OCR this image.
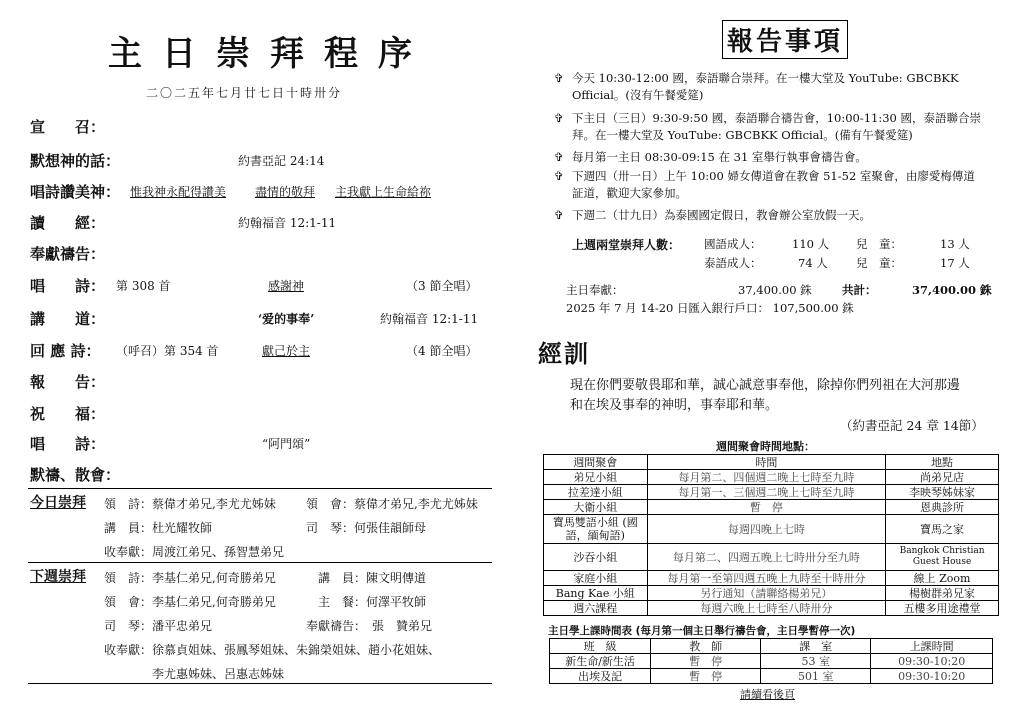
主日崇拜程序
二〇二五年七月廿七日十時卅分
宣　　召：
默想神的話：	約書亞記 24:14
唱詩讚美神： 惟我神永配得讚美 盡情的敬拜 主我獻上生命給祢
讀　　經：	約翰福音 12:1-11
奉獻禱告：
唱　　詩： 第 308 首	感謝神	（3 節全唱）
講　　道：	‘爱的事奉’	約翰福音 12:1-11
回 應 詩： （呼召）第 354 首	獻己於主	（4 節全唱）
報　　告：
祝　　福：
唱　　詩：	“阿門頌”
默禱、散會：
今日崇拜 領　詩： 蔡偉才弟兄,李尤尤姊妹	領　會： 蔡偉才弟兄,李尤尤姊妹
講　員： 杜光耀牧師	司　琴： 何張佳韻師母
收奉獻： 周渡江弟兄、孫智慧弟兄
下週崇拜 領　詩： 李基仁弟兄,何奇勝弟兄	講　員： 陳文明傳道
領　會： 李基仁弟兄,何奇勝弟兄	主　餐： 何澤平牧師
司　琴： 潘平忠弟兄	奉獻禱告： 張　贊弟兄
收奉獻： 徐慕貞姐妹、張鳳琴姐妹、朱錦榮姐妹、趙小花姐妹、
李尤惠姊妹、呂惠志姊妹
報告事項
✞ 今天 10:30-12:00 國，泰語聯合崇拜。在一樓大堂及 YouTube: GBCBKK
Official。(沒有午餐愛筵)
✞ 下主日（三日）9:30-9:50 國，泰語聯合禱告會，10:00-11:30 國，泰語聯合崇
拜。在一樓大堂及 YouTube: GBCBKK Official。(備有午餐愛筵)
✞ 每月第一主日 08:30-09:15 在 31 室舉行執事會禱告會。
✞ 下週四（卅一日）上午 10:00 婦女傳道會在教會 51-52 室聚會，由廖愛梅傳道
証道，歡迎大家參加。
✞ 下週二（廿九日）為泰國國定假日，教會辦公室放假一天。
上週兩堂崇拜人數： 國語成人：	110 人 兒　童：	13 人
泰語成人：	74 人 兒　童：	17 人
主日奉獻：	37,400.00 銖	共計：	37,400.00 銖
2025 年 7 月 14-20 日匯入銀行戶口： 107,500.00 銖
經訓
現在你們要敬畏耶和華，誠心誠意事奉他，除掉你們列祖在大河那邊
和在埃及事奉的神明，事奉耶和華。
（約書亞記 24 章 14節）
週間聚會時間地點：
週間聚會	時間	地點
弟兄小組	每月第二、四個週二晚上七時至九時	尚弟兄店
拉差達小組	每月第一、三個週二晚上七時至九時	李映琴姊妹家
大衛小組	暫　停	恩典診所
寶馬雙語小組 (國語，緬甸語)	每週四晚上七時	寶馬之家
沙吞小組	每月第二、四週五晚上七時卅分至九時	Bangkok Christian Guest House
家庭小組	每月第一至第四週五晚上九時至十時卅分	線上 Zoom
Bang Kae 小組	另行通知（請聯絡楊弟兄）	楊樹群弟兄家
週六課程	每週六晚上七時至八時卅分	五樓多用途禮堂
主日學上課時間表 (每月第一個主日舉行禱告會，主日學暫停一次)
班　級	教　師	課　室	上課時間
新生命/新生活	暫　停	53 室	09:30-10:20
出埃及記	暫　停	501 室	09:30-10:20
請續看後頁
